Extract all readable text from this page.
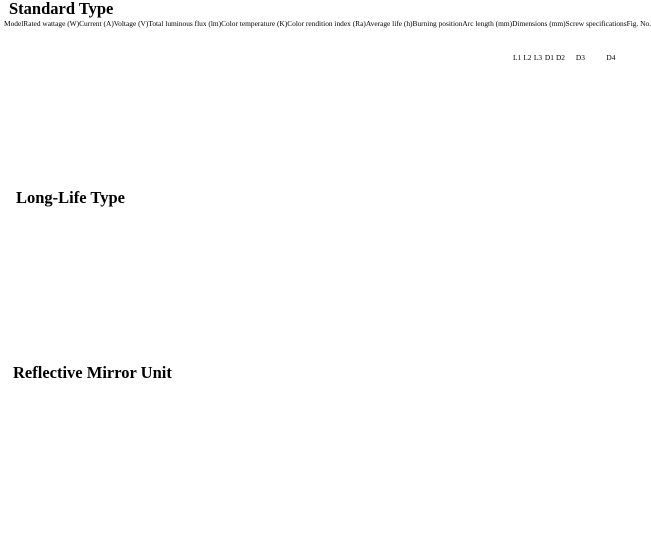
Standard Type
Model	Rated wattage (W)	Current (A)	Voltage (V)	Total luminous flux (lm)	Color temperature (K)	Color rendition index (Ra)	Average life (h)	Burning position	Arc length (mm)	Dimensions (mm)					Screw specifications		Fig. No.
										L1	L2	L3	D1	D2	D3	D4	
Long-Life Type

Reflective Mirror Unit
